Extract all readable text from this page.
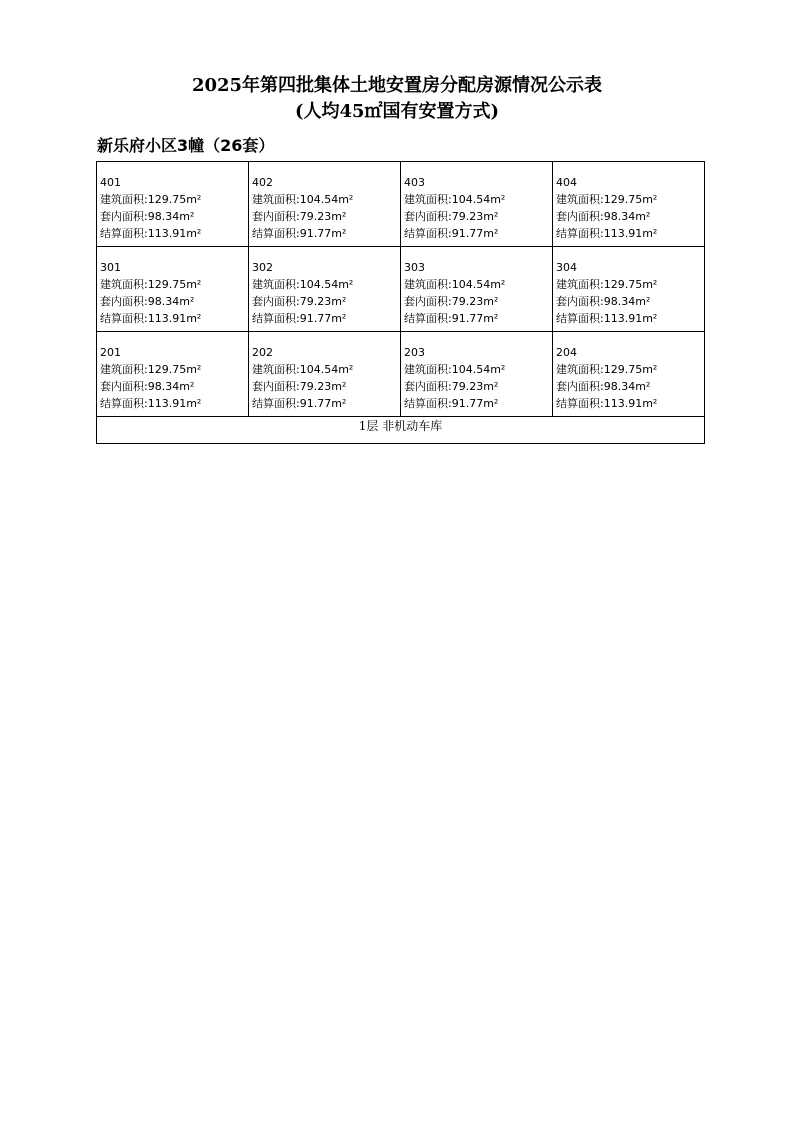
2025年第四批集体土地安置房分配房源情况公示表
(人均45㎡国有安置方式)
新乐府小区3幢（26套）
401
建筑面积:129.75m²
套内面积:98.34m²
结算面积:113.91m²	402
建筑面积:104.54m²
套内面积:79.23m²
结算面积:91.77m²	403
建筑面积:104.54m²
套内面积:79.23m²
结算面积:91.77m²	404
建筑面积:129.75m²
套内面积:98.34m²
结算面积:113.91m²

301
建筑面积:129.75m²
套内面积:98.34m²
结算面积:113.91m²	302
建筑面积:104.54m²
套内面积:79.23m²
结算面积:91.77m²	303
建筑面积:104.54m²
套内面积:79.23m²
结算面积:91.77m²	304
建筑面积:129.75m²
套内面积:98.34m²
结算面积:113.91m²

201
建筑面积:129.75m²
套内面积:98.34m²
结算面积:113.91m²	202
建筑面积:104.54m²
套内面积:79.23m²
结算面积:91.77m²	203
建筑面积:104.54m²
套内面积:79.23m²
结算面积:91.77m²	204
建筑面积:129.75m²
套内面积:98.34m²
结算面积:113.91m²

1层 非机动车库			
